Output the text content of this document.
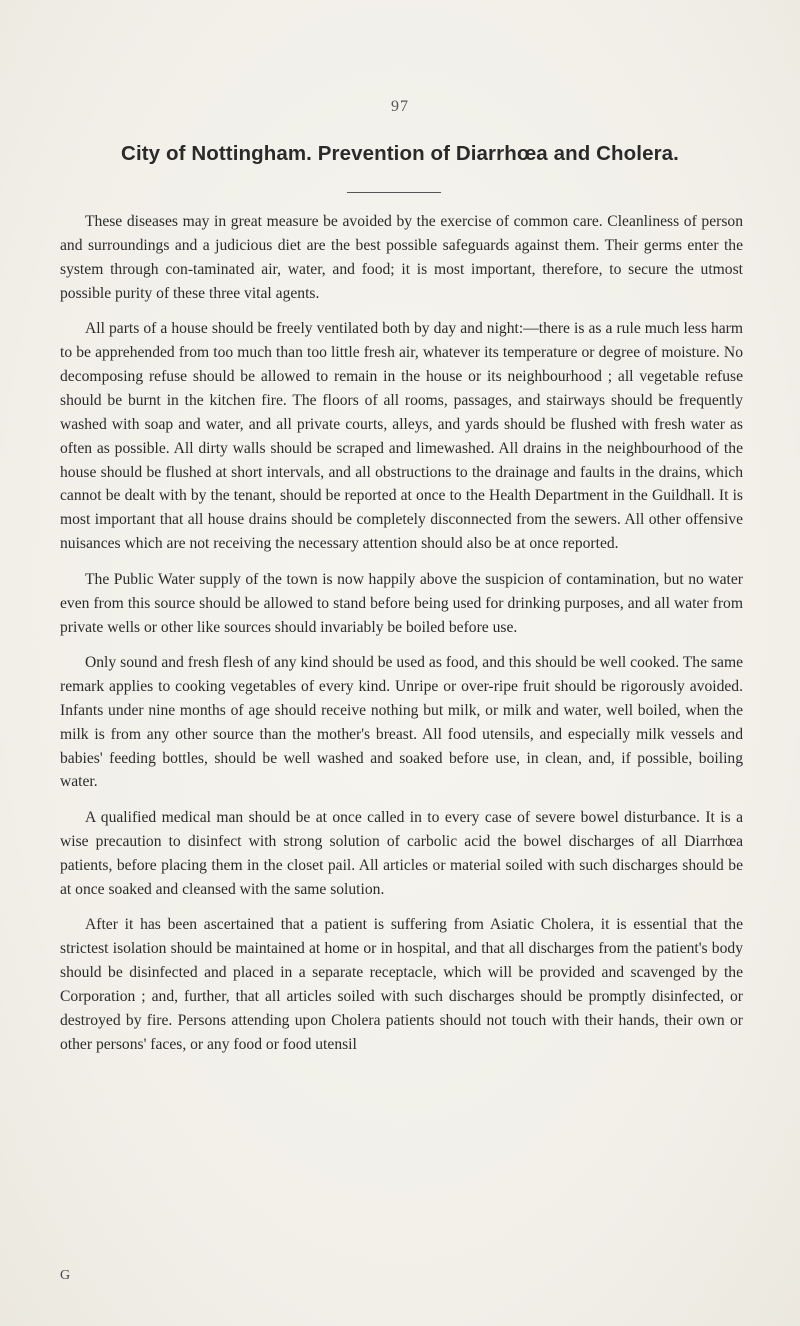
97
City of Nottingham. Prevention of Diarrhœa and Cholera.

These diseases may in great measure be avoided by the exercise of common care. Cleanliness of person and surroundings and a judicious diet are the best possible safeguards against them. Their germs enter the system through con-taminated air, water, and food; it is most important, therefore, to secure the utmost possible purity of these three vital agents.

All parts of a house should be freely ventilated both by day and night:—there is as a rule much less harm to be apprehended from too much than too little fresh air, whatever its temperature or degree of moisture. No decomposing refuse should be allowed to remain in the house or its neighbourhood ; all vegetable refuse should be burnt in the kitchen fire. The floors of all rooms, passages, and stairways should be frequently washed with soap and water, and all private courts, alleys, and yards should be flushed with fresh water as often as possible. All dirty walls should be scraped and limewashed. All drains in the neighbourhood of the house should be flushed at short intervals, and all obstructions to the drainage and faults in the drains, which cannot be dealt with by the tenant, should be reported at once to the Health Department in the Guildhall. It is most important that all house drains should be completely disconnected from the sewers. All other offensive nuisances which are not receiving the necessary attention should also be at once reported.

The Public Water supply of the town is now happily above the suspicion of contamination, but no water even from this source should be allowed to stand before being used for drinking purposes, and all water from private wells or other like sources should invariably be boiled before use.

Only sound and fresh flesh of any kind should be used as food, and this should be well cooked. The same remark applies to cooking vegetables of every kind. Unripe or over-ripe fruit should be rigorously avoided. Infants under nine months of age should receive nothing but milk, or milk and water, well boiled, when the milk is from any other source than the mother's breast. All food utensils, and especially milk vessels and babies' feeding bottles, should be well washed and soaked before use, in clean, and, if possible, boiling water.

A qualified medical man should be at once called in to every case of severe bowel disturbance. It is a wise precaution to disinfect with strong solution of carbolic acid the bowel discharges of all Diarrhœa patients, before placing them in the closet pail. All articles or material soiled with such discharges should be at once soaked and cleansed with the same solution.

After it has been ascertained that a patient is suffering from Asiatic Cholera, it is essential that the strictest isolation should be maintained at home or in hospital, and that all discharges from the patient's body should be disinfected and placed in a separate receptacle, which will be provided and scavenged by the Corporation ; and, further, that all articles soiled with such discharges should be promptly disinfected, or destroyed by fire. Persons attending upon Cholera patients should not touch with their hands, their own or other persons' faces, or any food or food utensil

G
